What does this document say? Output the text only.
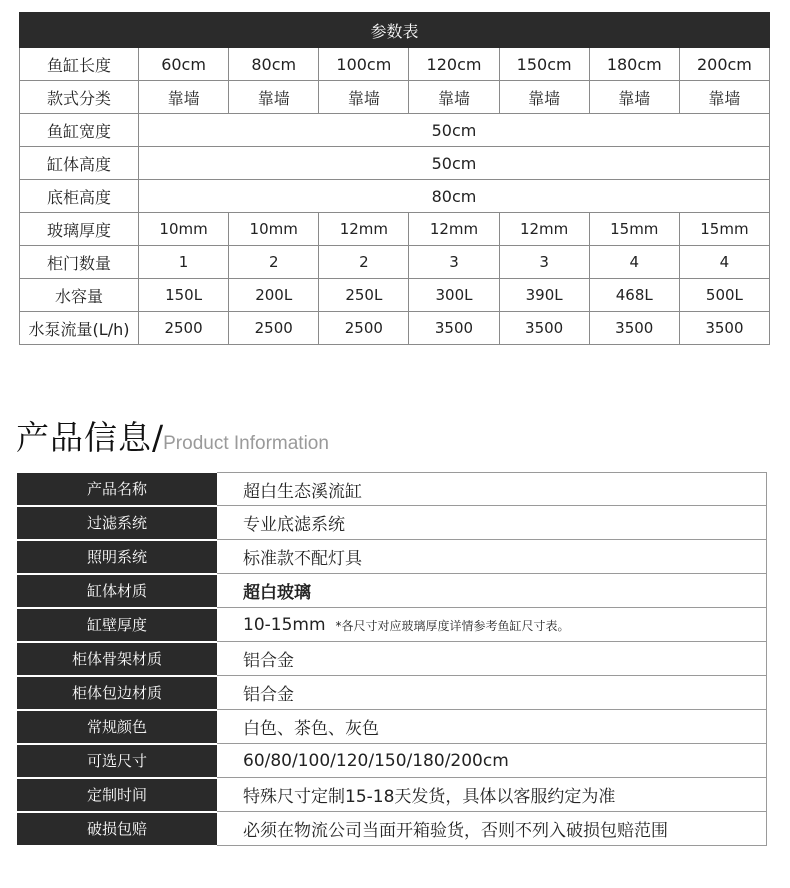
参数表							
鱼缸长度	60cm	80cm	100cm	120cm	150cm	180cm	200cm
款式分类	靠墙	靠墙	靠墙	靠墙	靠墙	靠墙	靠墙
鱼缸宽度	50cm						
缸体高度	50cm						
底柜高度	80cm						
玻璃厚度	10mm	10mm	12mm	12mm	12mm	15mm	15mm
柜门数量	1	2	2	3	3	4	4
水容量	150L	200L	250L	300L	390L	468L	500L
水泵流量(L/h)	2500	2500	2500	3500	3500	3500	3500
产品信息/Product Information
产品名称	超白生态溪流缸
过滤系统	专业底滤系统
照明系统	标准款不配灯具
缸体材质	超白玻璃
缸壁厚度	10-15mm *各尺寸对应玻璃厚度详情参考鱼缸尺寸表。
柜体骨架材质	铝合金
柜体包边材质	铝合金
常规颜色	白色、茶色、灰色
可选尺寸	60/80/100/120/150/180/200cm
定制时间	特殊尺寸定制15-18天发货，具体以客服约定为准
破损包赔	必须在物流公司当面开箱验货，否则不列入破损包赔范围
